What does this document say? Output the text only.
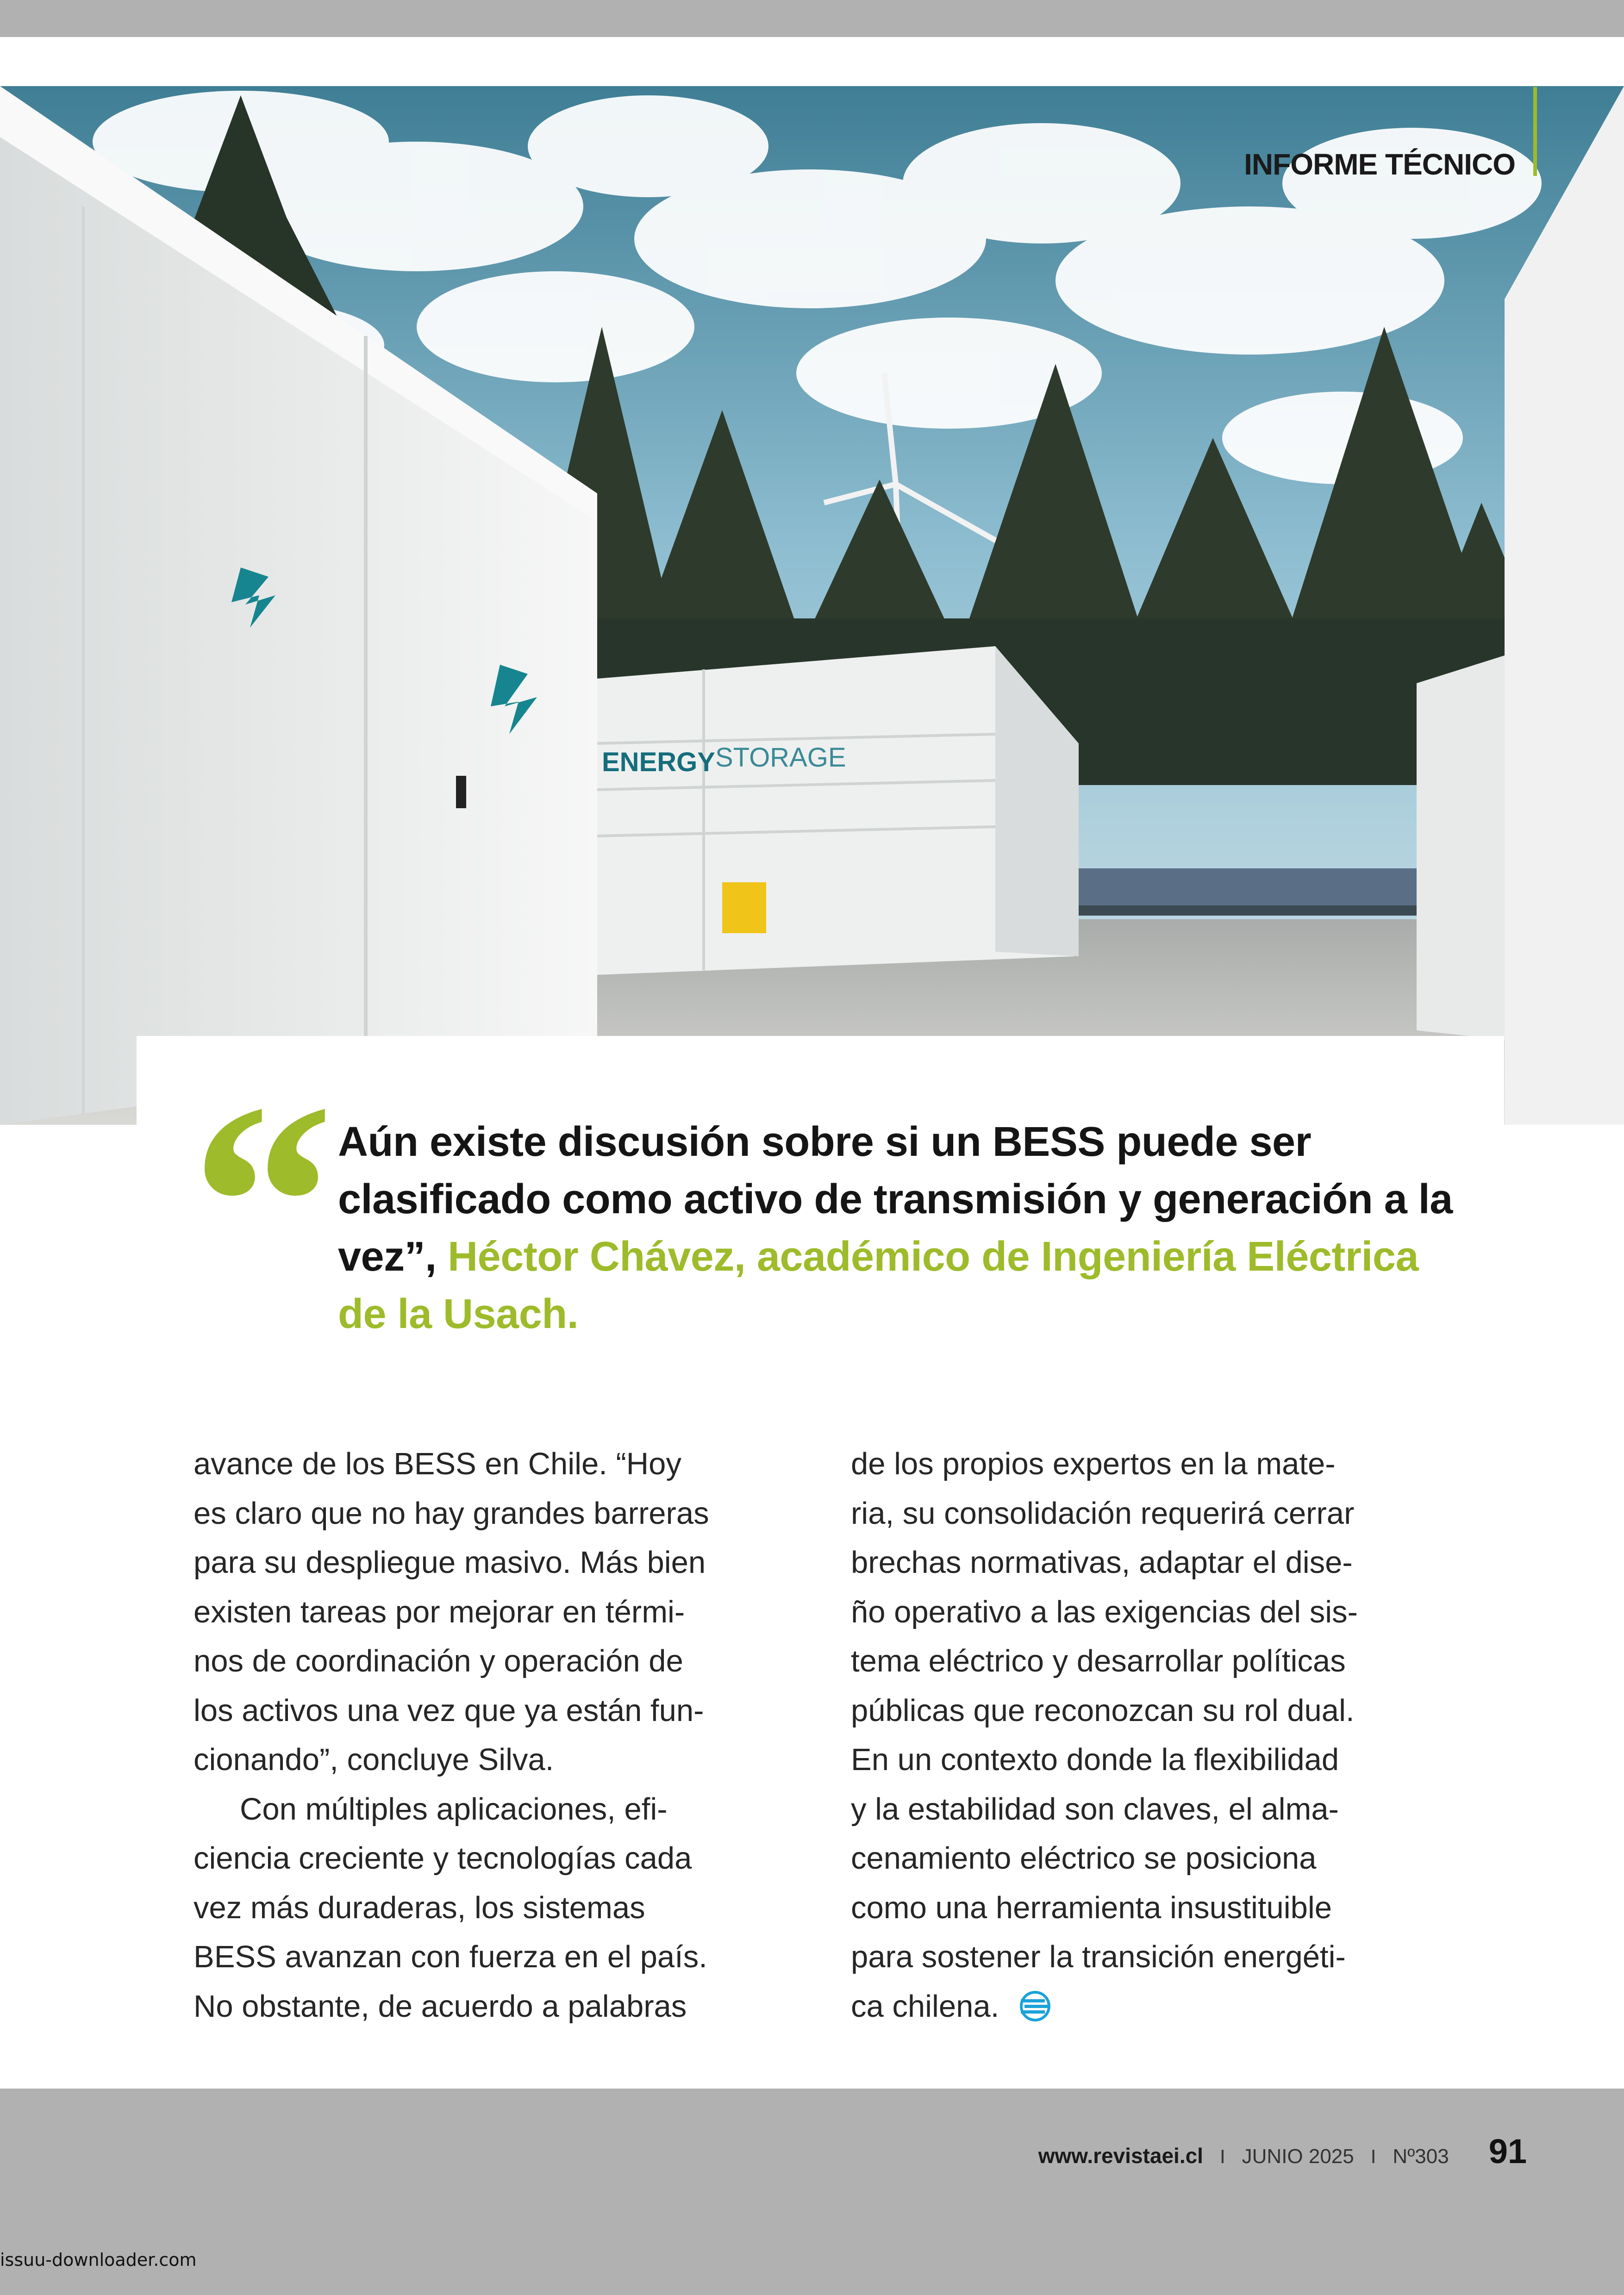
ENERGY STORAGE
INFORME TÉCNICO
“ Aún existe discusión sobre si un BESS puede ser clasificado como activo de transmisión y generación a la vez”, Héctor Chávez, académico de Ingeniería Eléctrica de la Usach.
avance de los BESS en Chile. “Hoy
es claro que no hay grandes barreras
para su despliegue masivo. Más bien
existen tareas por mejorar en térmi-
nos de coordinación y operación de
los activos una vez que ya están fun-
cionando”, concluye Silva.
Con múltiples aplicaciones, efi-
ciencia creciente y tecnologías cada
vez más duraderas, los sistemas
BESS avanzan con fuerza en el país.
No obstante, de acuerdo a palabras
de los propios expertos en la mate-
ria, su consolidación requerirá cerrar
brechas normativas, adaptar el dise-
ño operativo a las exigencias del sis-
tema eléctrico y desarrollar políticas
públicas que reconozcan su rol dual.
En un contexto donde la flexibilidad
y la estabilidad son claves, el alma-
cenamiento eléctrico se posiciona
como una herramienta insustituible
para sostener la transición energéti-
ca chilena.
www.revistaei.cl I JUNIO 2025 I Nº303 91
issuu-downloader.com
